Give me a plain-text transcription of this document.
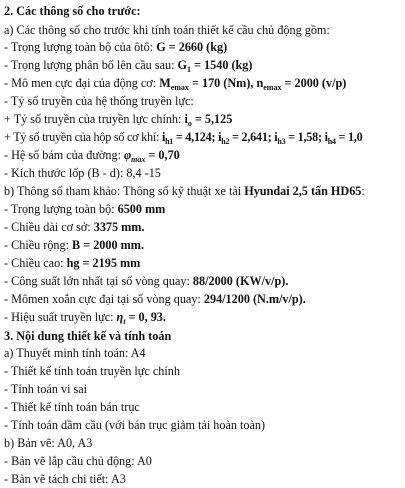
2. Các thông số cho trước:
a) Các thông số cho trước khi tính toán thiết kế cầu chủ động gồm:
- Trọng lượng toàn bộ của ôtô: G = 2660 (kg)
- Trọng lượng phân bố lên cầu sau: $G_1 = 1540$ (kg)
- Mô men cực đại của động cơ: $M_{emax} = 170$ (Nm), $n_{emax} = 2000$ (v/p)
- Tỷ số truyền của hệ thống truyền lực:
+ Tỷ số truyền của truyền lực chính: $i_o = 5,125$
+ Tỷ số truyền của hộp số cơ khí: $i_{h1} = 4,124$; $i_{h2} = 2,641$; $i_{h3} = 1,58$; $i_{h4} = 1,0$
- Hệ số bám của đường: $\varphi_{max} = 0,70$
- Kích thước lốp (B - d): 8,4 -15
b) Thông số tham khảo: Thông số kỹ thuật xe tải Hyundai 2,5 tấn HD65:
- Trọng lượng toàn bộ: 6500 mm
- Chiều dài cơ sở: 3375 mm.
- Chiều rộng: B = 2000 mm.
- Chiều cao: hg = 2195 mm
- Công suất lớn nhất tại số vòng quay: 88/2000 (KW/v/p).
- Mômen xoắn cực đại tại số vòng quay: 294/1200 (N.m/v/p).
- Hiệu suất truyền lực: $\eta_t = 0$, 93.
3. Nội dung thiết kế và tính toán
a) Thuyết minh tính toán: A4
- Thiết kế tính toán truyền lực chính
- Tính toán vi sai
- Thiết kế tính toán bán trục
- Tính toán dầm cầu (với bán trục giảm tải hoàn toàn)
b) Bản vẽ: A0, A3
- Bản vẽ lắp cầu chủ động: A0
- Bản vẽ tách chi tiết: A3
